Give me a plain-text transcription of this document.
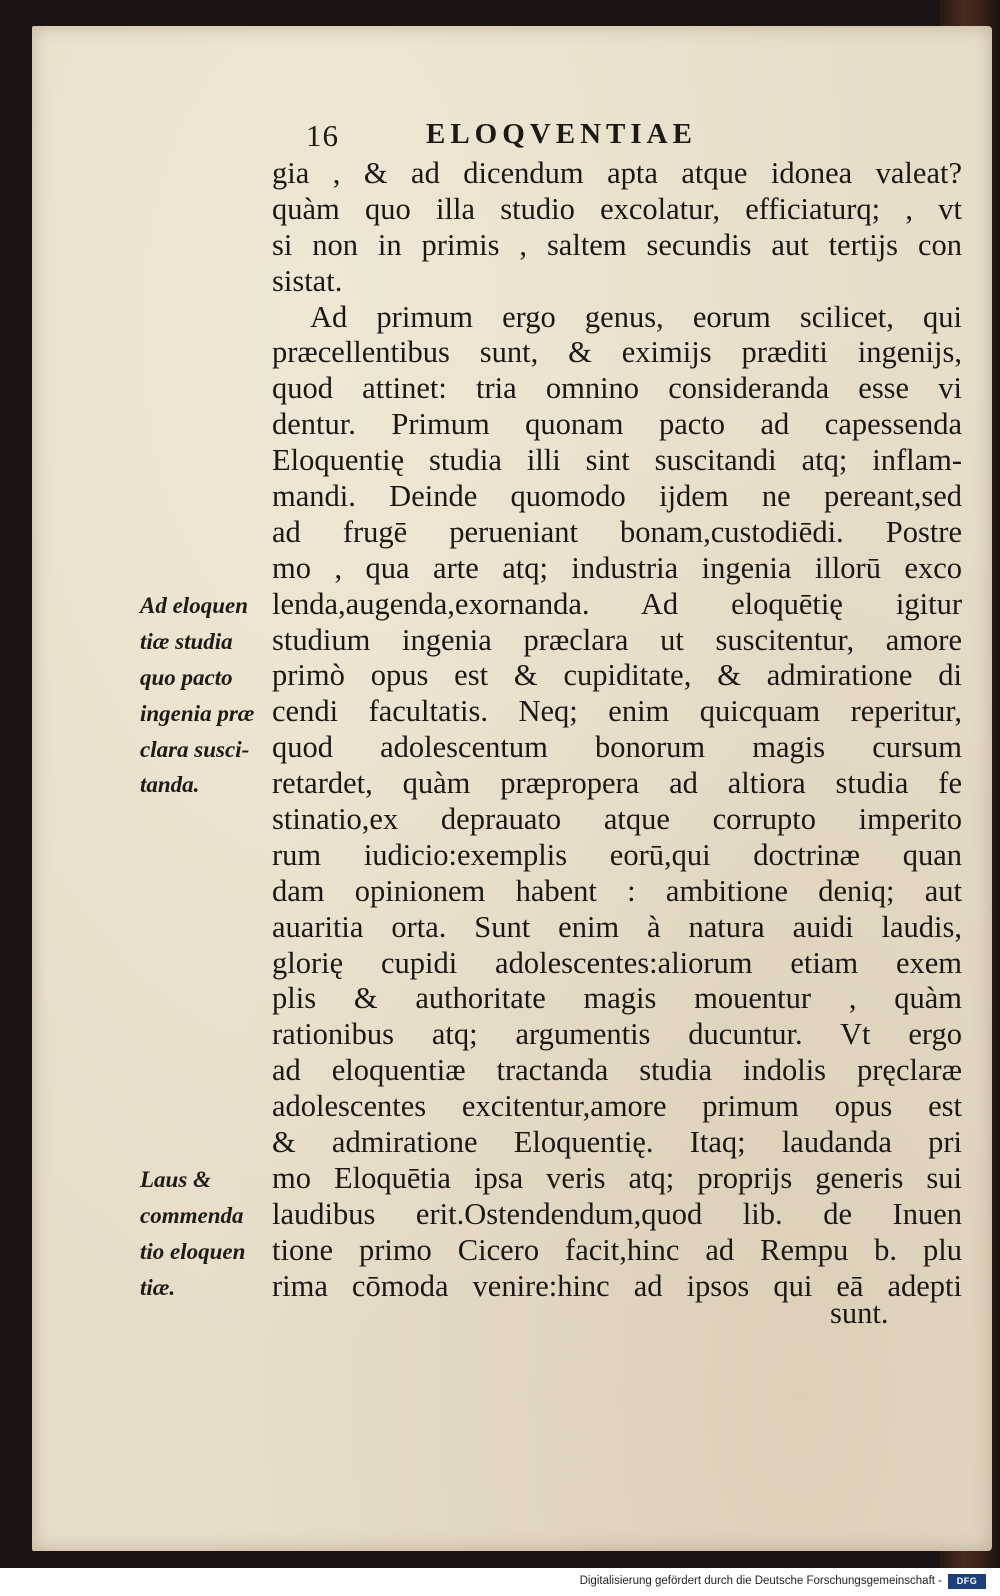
16	ELOQVENTIAE
gia , & ad dicendum apta atque idonea valeat?
quàm quo illa studio excolatur, efficiaturq; , vt
si non in primis , saltem secundis aut tertijs con
sistat.
Ad primum ergo genus, eorum scilicet, qui
præcellentibus sunt, & eximijs præditi ingenijs,
quod attinet: tria omnino consideranda esse vi
dentur. Primum quonam pacto ad capessenda
Eloquentię studia illi sint suscitandi atq; inflam-
mandi. Deinde quomodo ijdem ne pereant,sed
ad frugē perueniant bonam,custodiēdi. Postre
mo , qua arte atq; industria ingenia illorū exco
lenda,augenda,exornanda. Ad eloquētię igitur
studium ingenia præclara ut suscitentur, amore
primò opus est & cupiditate, & admiratione di
cendi facultatis. Neq; enim quicquam reperitur,
quod adolescentum bonorum magis cursum
retardet, quàm præpropera ad altiora studia fe
stinatio,ex deprauato atque corrupto imperito
rum iudicio:exemplis eorū,qui doctrinæ quan
dam opinionem habent : ambitione deniq; aut
auaritia orta. Sunt enim à natura auidi laudis,
glorię cupidi adolescentes:aliorum etiam exem
plis & authoritate magis mouentur , quàm
rationibus atq; argumentis ducuntur. Vt ergo
ad eloquentiæ tractanda studia indolis pręclaræ
adolescentes excitentur,amore primum opus est
& admiratione Eloquentię. Itaq; laudanda pri
mo Eloquētia ipsa veris atq; proprijs generis sui
laudibus erit.Ostendendum,quod lib. de Inuen
tione primo Cicero facit,hinc ad Rempu b. plu
rima cōmoda venire:hinc ad ipsos qui eā adepti
sunt.
Ad eloquen
tiæ studia
quo pacto
ingenia præ
clara susci-
tanda.
Laus &
commenda
tio eloquen
tiæ.
Digitalisierung gefördert durch die Deutsche Forschungsgemeinschaft -	DFG
